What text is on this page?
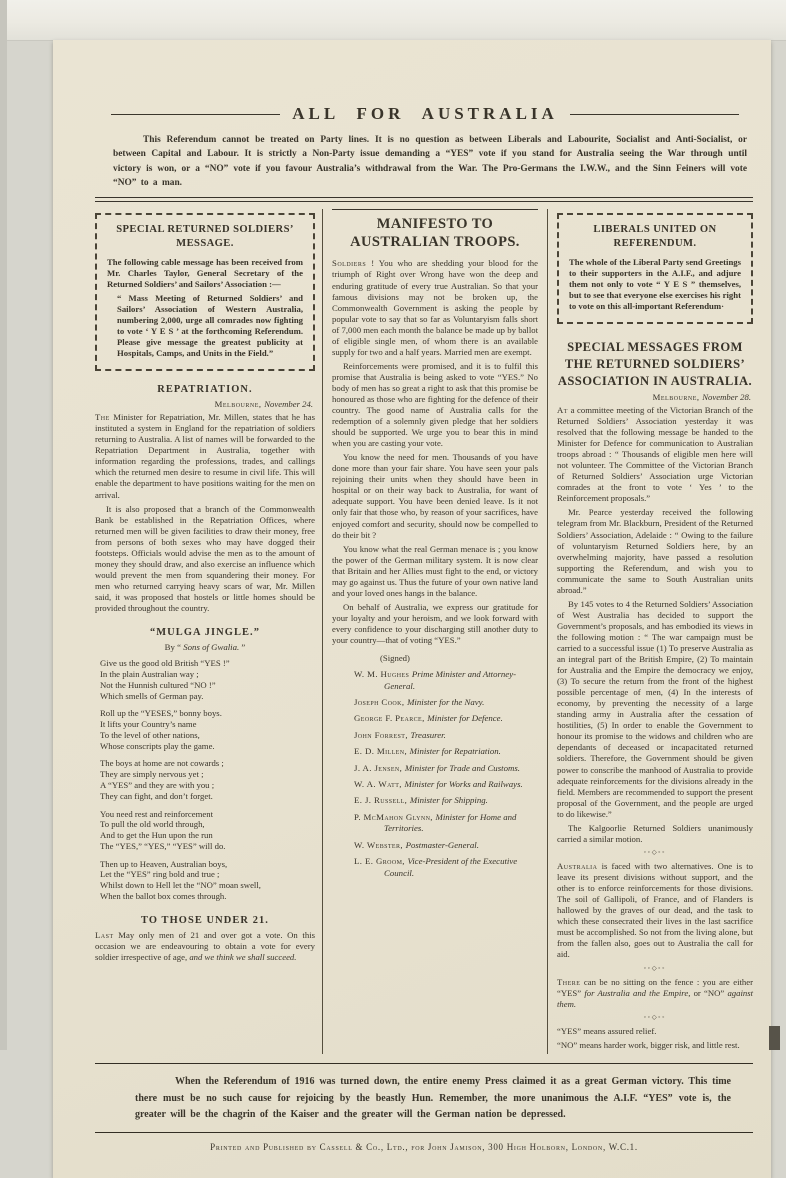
ALL FOR AUSTRALIA

This Referendum cannot be treated on Party lines. It is no question as between Liberals and Labourite, Socialist and Anti-Socialist, or between Capital and Labour. It is strictly a Non-Party issue demanding a “YES” vote if you stand for Australia seeing the War through until victory is won, or a “NO” vote if you favour Australia’s withdrawal from the War. The Pro-Germans the I.W.W., and the Sinn Feiners will vote “NO” to a man.

SPECIAL RETURNED SOLDIERS’ MESSAGE.

The following cable message has been received from Mr. Charles Taylor, General Secretary of the Returned Soldiers’ and Sailors’ Association :—

“ Mass Meeting of Returned Soldiers’ and Sailors’ Association of Western Australia, numbering 2,000, urge all comrades now fighting to vote ‘ Y E S ’ at the forthcoming Referendum. Please give message the greatest publicity at Hospitals, Camps, and Units in the Field.”

REPATRIATION.

Melbourne, November 24.

The Minister for Repatriation, Mr. Millen, states that he has instituted a system in England for the repatriation of soldiers returning to Australia. A list of names will be forwarded to the Repatriation Department in Australia, together with information regarding the professions, trades, and callings which the returned men desire to resume in civil life. This will enable the department to have positions waiting for the men on arrival.

It is also proposed that a branch of the Commonwealth Bank be established in the Repatriation Offices, where returned men will be given facilities to draw their money, free from persons of both sexes who may have dogged their footsteps. Officials would advise the men as to the amount of money they should draw, and also exercise an influence which would prevent the men from squandering their money. For men who returned carrying heavy scars of war, Mr. Millen said, it was proposed that hostels or little homes should be provided throughout the country.

“MULGA JINGLE.”

By “ Sons of Gwalia. ”

Give us the good old British “YES !”
In the plain Australian way ;
Not the Hunnish cultured “NO !”
Which smells of German pay.
Roll up the “YESES,” bonny boys.
It lifts your Country’s name
To the level of other nations,
Whose conscripts play the game.
The boys at home are not cowards ;
They are simply nervous yet ;
A “YES” and they are with you ;
They can fight, and don’t forget.
You need rest and reinforcement
To pull the old world through,
And to get the Hun upon the run
The “YES,” “YES,” “YES” will do.
Then up to Heaven, Australian boys,
Let the “YES” ring bold and true ;
Whilst down to Hell let the “NO” moan swell,
When the ballot box comes through.
TO THOSE UNDER 21.

Last May only men of 21 and over got a vote. On this occasion we are endeavouring to obtain a vote for every soldier irrespective of age, and we think we shall succeed.

MANIFESTO TO AUSTRALIAN TROOPS.

Soldiers ! You who are shedding your blood for the triumph of Right over Wrong have won the deep and enduring gratitude of every true Australian. So that your famous divisions may not be broken up, the Commonwealth Government is asking the people by popular vote to say that so far as Voluntaryism falls short of 7,000 men each month the balance be made up by ballot of eligible single men, of whom there is an available supply for two and a half years. Married men are exempt.

Reinforcements were promised, and it is to fulfil this promise that Australia is being asked to vote “YES.” No body of men has so great a right to ask that this promise be honoured as those who are fighting for the defence of their country. The good name of Australia calls for the redemption of a solemnly given pledge that her soldiers should be supported. We urge you to bear this in mind when you are casting your vote.

You know the need for men. Thousands of you have done more than your fair share. You have seen your pals rejoining their units when they should have been in hospital or on their way back to Australia, for want of adequate support. You have been denied leave. Is it not only fair that those who, by reason of your sacrifices, have enjoyed comfort and security, should now be compelled to do their bit ?

You know what the real German menace is ; you know the power of the German military system. It is now clear that Britain and her Allies must fight to the end, or victory may go against us. Thus the future of your own native land and your loved ones hangs in the balance.

On behalf of Australia, we express our gratitude for your loyalty and your heroism, and we look forward with every confidence to your discharging still another duty to your country—that of voting “YES.”

(Signed)

W. M. Hughes Prime Minister and Attorney-General.
Joseph Cook, Minister for the Navy.
George F. Pearce, Minister for Defence.
John Forrest, Treasurer.
E. D. Millen, Minister for Repatriation.
J. A. Jensen, Minister for Trade and Customs.
W. A. Watt, Minister for Works and Railways.
E. J. Russell, Minister for Shipping.
P. McMahon Glynn, Minister for Home and Territories.
W. Webster, Postmaster-General.
L. E. Groom, Vice-President of the Executive Council.
LIBERALS UNITED ON REFERENDUM.

The whole of the Liberal Party send Greetings to their supporters in the A.I.F., and adjure them not only to vote “ Y E S ” themselves, but to see that everyone else exercises his right to vote on this all-important Referendum·

SPECIAL MESSAGES FROM THE RETURNED SOLDIERS’ ASSOCIATION IN AUSTRALIA.

Melbourne, November 28.

At a committee meeting of the Victorian Branch of the Returned Soldiers’ Association yesterday it was resolved that the following message be handed to the Minister for Defence for communication to Australian troops abroad : “ Thousands of eligible men here will not volunteer. The Committee of the Victorian Branch of Returned Soldiers’ Association urge Victorian comrades at the front to vote ‘ Yes ’ to the Reinforcement proposals.”

Mr. Pearce yesterday received the following telegram from Mr. Blackburn, President of the Returned Soldiers’ Association, Adelaide : “ Owing to the failure of voluntaryism Returned Soldiers here, by an overwhelming majority, have passed a resolution supporting the Referendum, and wish you to communicate the same to South Australian units abroad.”

By 145 votes to 4 the Returned Soldiers’ Association of West Australia has decided to support the Government’s proposals, and has embodied its views in the following motion : “ The war campaign must be carried to a successful issue (1) To preserve Australia as an integral part of the British Empire, (2) To maintain for Australia and the Empire the democracy we enjoy, (3) To secure the return from the front of the highest possible percentage of men, (4) In the interests of economy, by preventing the necessity of a large standing army in Australia after the cessation of hostilities, (5) In order to enable the Government to honour its promise to the widows and children who are dependants of deceased or incapacitated returned soldiers. Therefore, the Government should be given power to conscribe the manhood of Australia to provide adequate reinforcements for the divisions already in the field. Members are recommended to support the present proposal of the Government, and the people are urged to do likewise.”

The Kalgoorlie Returned Soldiers unanimously carried a similar motion.

◦◦◇◦◦

Australia is faced with two alternatives. One is to leave its present divisions without support, and the other is to enforce reinforcements for those divisions. The soil of Gallipoli, of France, and of Flanders is hallowed by the graves of our dead, and the task to which these consecrated their lives in the last sacrifice must be accomplished. So not from the living alone, but from the fallen also, goes out to Australia the call for aid.

◦◦◇◦◦

There can be no sitting on the fence : you are either “YES” for Australia and the Empire, or “NO” against them.

◦◦◇◦◦

“YES” means assured relief.

“NO” means harder work, bigger risk, and little rest.

When the Referendum of 1916 was turned down, the entire enemy Press claimed it as a great German victory. This time there must be no such cause for rejoicing by the beastly Hun. Remember, the more unanimous the A.I.F. “YES” vote is, the greater will be the chagrin of the Kaiser and the greater will the German nation be depressed.

Printed and Published by Cassell & Co., Ltd., for John Jamison, 300 High Holborn, London, W.C.1.
